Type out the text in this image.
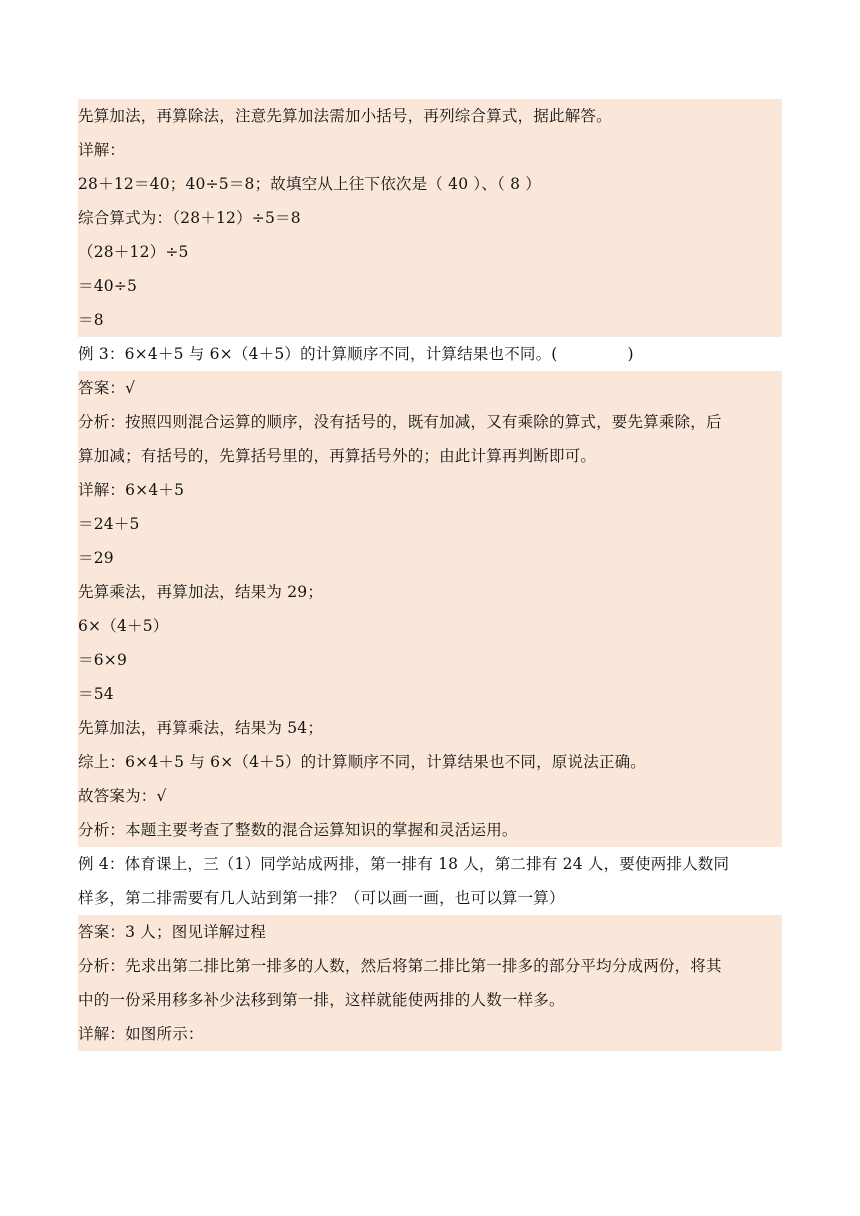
先算加法，再算除法，注意先算加法需加小括号，再列综合算式，据此解答。
详解：
28＋12＝40；40÷5＝8；故填空从上往下依次是（ 40 ）、（ 8 ）
综合算式为：（28＋12）÷5＝8
（28＋12）÷5
＝40÷5
＝8
例 3：6×4＋5 与 6×（4＋5）的计算顺序不同，计算结果也不同。(	)
答案：√
分析：按照四则混合运算的顺序，没有括号的，既有加减，又有乘除的算式，要先算乘除，后
算加减；有括号的，先算括号里的，再算括号外的；由此计算再判断即可。
详解：6×4＋5
＝24＋5
＝29
先算乘法，再算加法，结果为 29；
6×（4＋5）
＝6×9
＝54
先算加法，再算乘法，结果为 54；
综上：6×4＋5 与 6×（4＋5）的计算顺序不同，计算结果也不同，原说法正确。
故答案为：√
分析：本题主要考查了整数的混合运算知识的掌握和灵活运用。
例 4：体育课上，三（1）同学站成两排，第一排有 18 人，第二排有 24 人，要使两排人数同
样多，第二排需要有几人站到第一排？（可以画一画，也可以算一算）
答案：3 人；图见详解过程
分析：先求出第二排比第一排多的人数，然后将第二排比第一排多的部分平均分成两份，将其
中的一份采用移多补少法移到第一排，这样就能使两排的人数一样多。
详解：如图所示：
